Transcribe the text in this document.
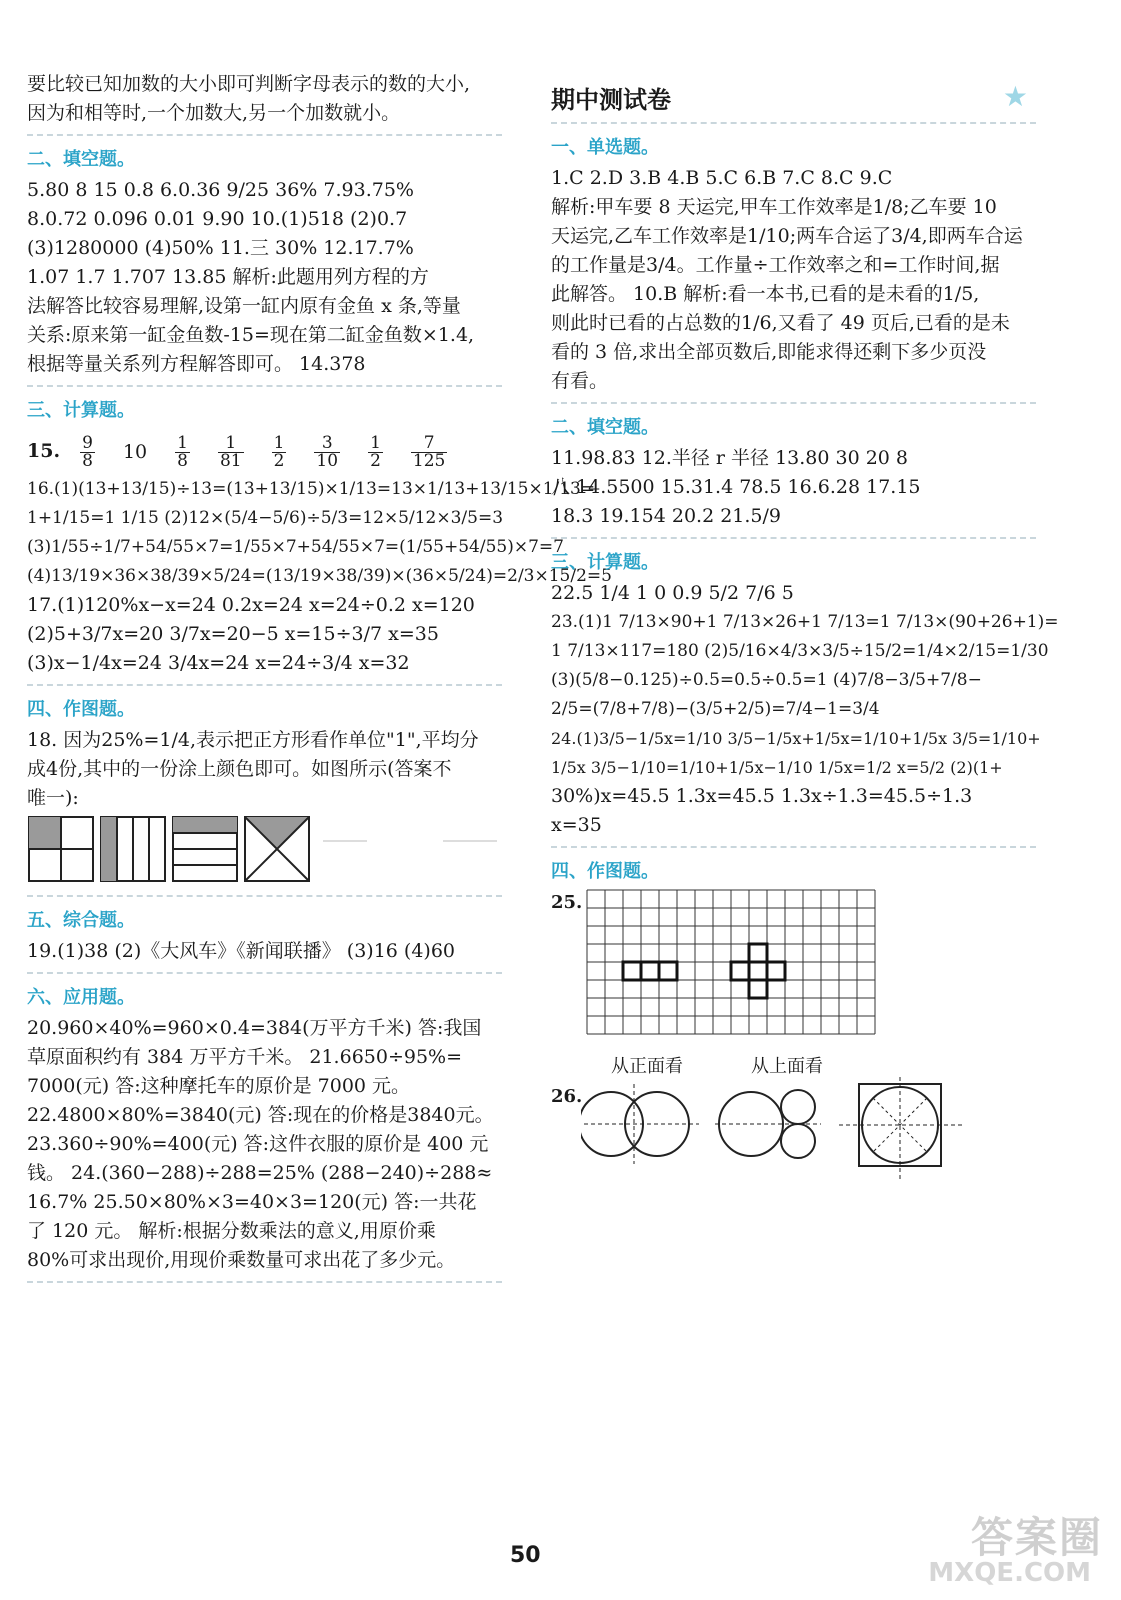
要比较已知加数的大小即可判断字母表示的数的大小,
因为和相等时,一个加数大,另一个加数就小。
二、填空题。
5.80 8 15 0.8 6.0.36 9/25 36% 7.93.75%
8.0.72 0.096 0.01 9.90 10.(1)518 (2)0.7
(3)1280000 (4)50% 11.三 30% 12.17.7%
1.07 1.7 1.707 13.85 解析:此题用列方程的方
法解答比较容易理解,设第一缸内原有金鱼 x 条,等量
关系:原来第一缸金鱼数-15=现在第二缸金鱼数×1.4,
根据等量关系列方程解答即可。 14.378
三、计算题。
15. $\frac{9}{8} 10 \frac{1}{8} \frac{1}{81} \frac{1}{2} \frac{3}{10} \frac{1}{2} \frac{7}{125}$
16.(1)(13+13/15)÷13=(13+13/15)×1/13=13×1/13+13/15×1/13=
1+1/15=1 1/15 (2)12×(5/4−5/6)÷5/3=12×5/12×3/5=3
(3)1/55÷1/7+54/55×7=1/55×7+54/55×7=(1/55+54/55)×7=7
(4)13/19×36×38/39×5/24=(13/19×38/39)×(36×5/24)=2/3×15/2=5
17.(1)120%x−x=24 0.2x=24 x=24÷0.2 x=120
(2)5+3/7x=20 3/7x=20−5 x=15÷3/7 x=35
(3)x−1/4x=24 3/4x=24 x=24÷3/4 x=32
四、作图题。
18. 因为25%=1/4,表示把正方形看作单位"1",平均分
成4份,其中的一份涂上颜色即可。如图所示(答案不
唯一):
五、综合题。
19.(1)38 (2)《大风车》《新闻联播》 (3)16 (4)60
六、应用题。
20.960×40%=960×0.4=384(万平方千米) 答:我国
草原面积约有 384 万平方千米。 21.6650÷95%=
7000(元) 答:这种摩托车的原价是 7000 元。
22.4800×80%=3840(元) 答:现在的价格是3840元。
23.360÷90%=400(元) 答:这件衣服的原价是 400 元
钱。 24.(360−288)÷288=25% (288−240)÷288≈
16.7% 25.50×80%×3=40×3=120(元) 答:一共花
了 120 元。 解析:根据分数乘法的意义,用原价乘
80%可求出现价,用现价乘数量可求出花了多少元。
期中测试卷	★
一、单选题。
1.C 2.D 3.B 4.B 5.C 6.B 7.C 8.C 9.C
解析:甲车要 8 天运完,甲车工作效率是1/8;乙车要 10
天运完,乙车工作效率是1/10;两车合运了3/4,即两车合运
的工作量是3/4。工作量÷工作效率之和=工作时间,据
此解答。 10.B 解析:看一本书,已看的是未看的1/5,
则此时已看的占总数的1/6,又看了 49 页后,已看的是未
看的 3 倍,求出全部页数后,即能求得还剩下多少页没
有看。
二、填空题。
11.98.83 12.半径 r 半径 13.80 30 20 8
八 14.5500 15.31.4 78.5 16.6.28 17.15
18.3 19.154 20.2 21.5/9
三、计算题。
22.5 1/4 1 0 0.9 5/2 7/6 5
23.(1)1 7/13×90+1 7/13×26+1 7/13=1 7/13×(90+26+1)=
1 7/13×117=180 (2)5/16×4/3×3/5÷15/2=1/4×2/15=1/30
(3)(5/8−0.125)÷0.5=0.5÷0.5=1 (4)7/8−3/5+7/8−
2/5=(7/8+7/8)−(3/5+2/5)=7/4−1=3/4
24.(1)3/5−1/5x=1/10 3/5−1/5x+1/5x=1/10+1/5x 3/5=1/10+
1/5x 3/5−1/10=1/10+1/5x−1/10 1/5x=1/2 x=5/2 (2)(1+
30%)x=45.5 1.3x=45.5 1.3x÷1.3=45.5÷1.3
x=35
四、作图题。
25.
从正面看	从上面看
26.
50	答案圈
MXQE.COM
